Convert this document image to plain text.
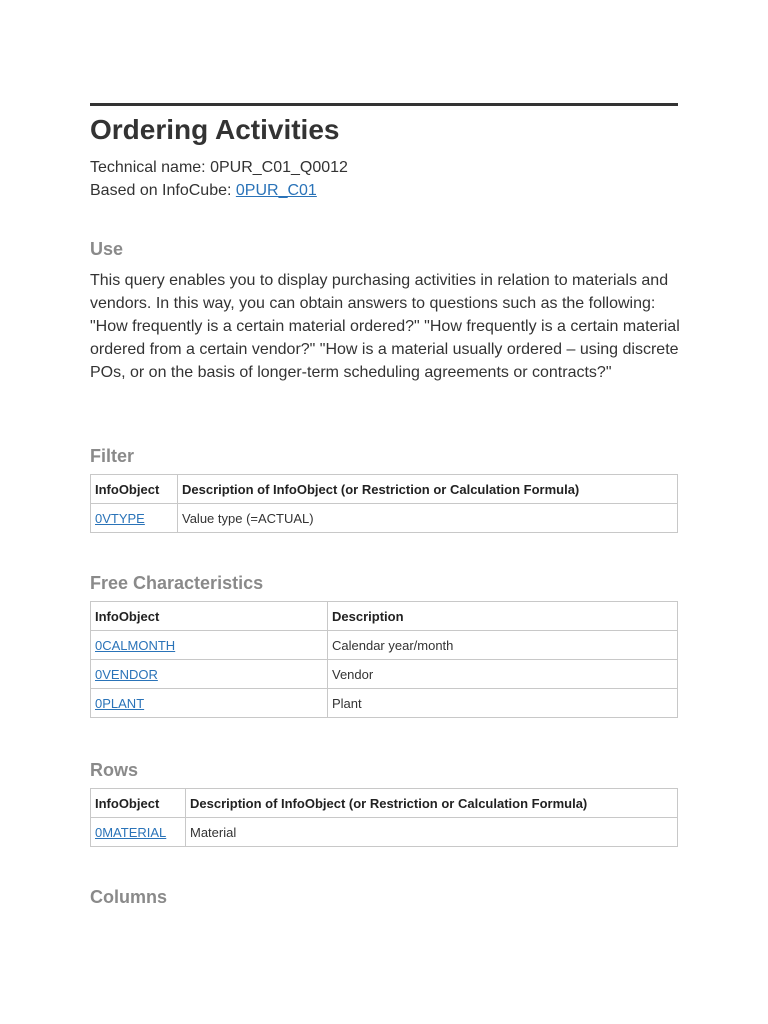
Ordering Activities
Technical name: 0PUR_C01_Q0012
Based on InfoCube: 0PUR_C01
Use

This query enables you to display purchasing activities in relation to materials and vendors. In this way, you can obtain answers to questions such as the following: "How frequently is a certain material ordered?" "How frequently is a certain material ordered from a certain vendor?" "How is a material usually ordered – using discrete POs, or on the basis of longer-term scheduling agreements or contracts?"

Filter
InfoObject	Description of InfoObject (or Restriction or Calculation Formula)
0VTYPE	Value type (=ACTUAL)
Free Characteristics
InfoObject	Description
0CALMONTH	Calendar year/month
0VENDOR	Vendor
0PLANT	Plant
Rows
InfoObject	Description of InfoObject (or Restriction or Calculation Formula)
0MATERIAL	Material
Columns
